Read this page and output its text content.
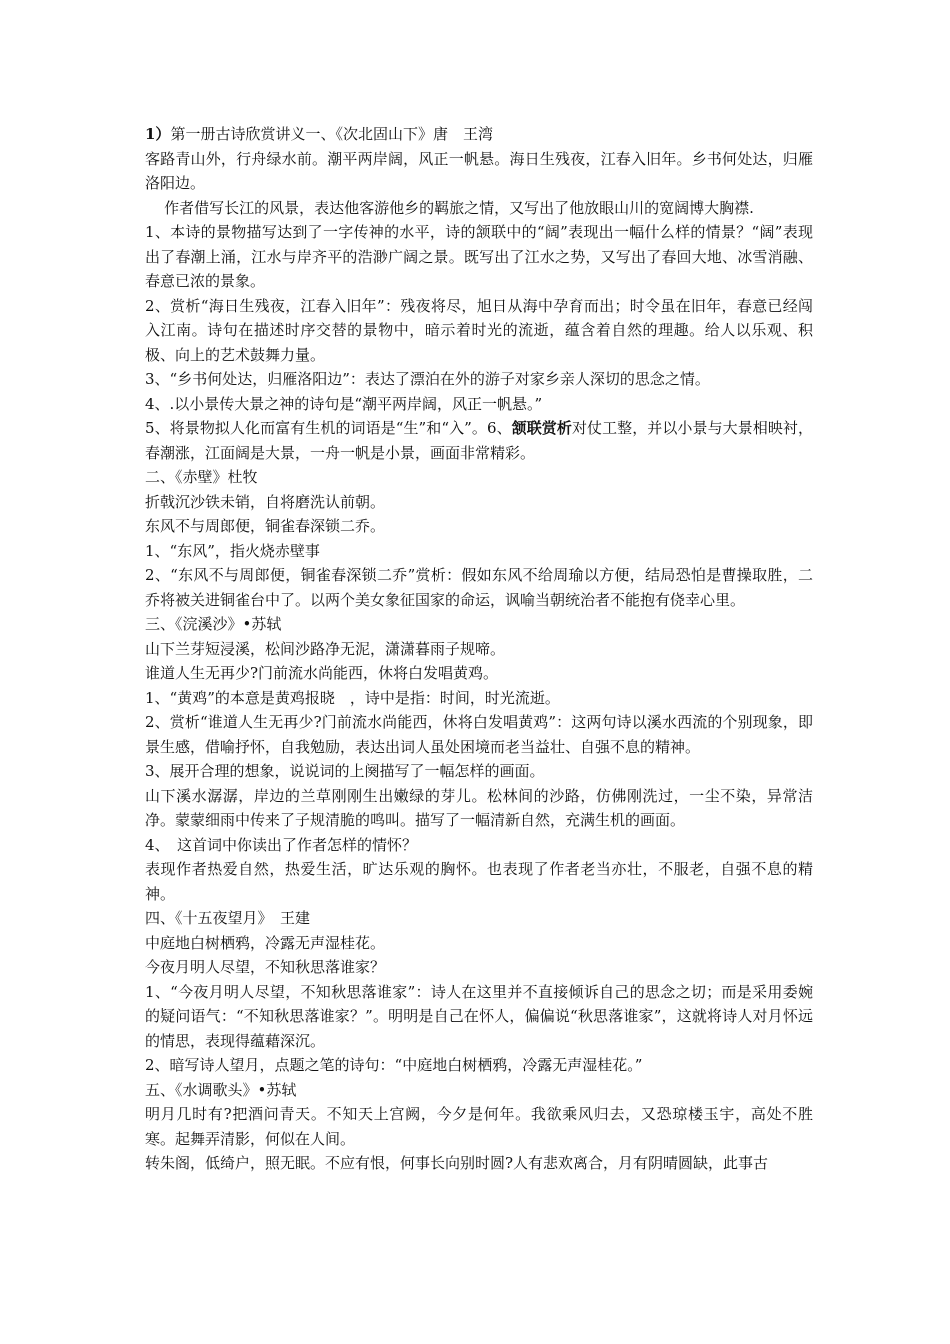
1）第一册古诗欣赏讲义一、《次北固山下》唐　王湾

客路青山外，行舟绿水前。潮平两岸阔，风正一帆悬。海日生残夜，江春入旧年。乡书何处达，归雁洛阳边。

作者借写长江的风景，表达他客游他乡的羁旅之情，又写出了他放眼山川的宽阔博大胸襟.

1、本诗的景物描写达到了一字传神的水平，诗的颔联中的“阔”表现出一幅什么样的情景？“阔”表现出了春潮上涌，江水与岸齐平的浩渺广阔之景。既写出了江水之势，又写出了春回大地、冰雪消融、春意已浓的景象。

2、赏析“海日生残夜，江春入旧年”：残夜将尽，旭日从海中孕育而出；时令虽在旧年，春意已经闯入江南。诗句在描述时序交替的景物中，暗示着时光的流逝，蕴含着自然的理趣。给人以乐观、积极、向上的艺术鼓舞力量。

3、“乡书何处达，归雁洛阳边”：表达了漂泊在外的游子对家乡亲人深切的思念之情。

4、.以小景传大景之神的诗句是“潮平两岸阔，风正一帆悬。”

5、将景物拟人化而富有生机的词语是“生”和“入”。6、颔联赏析对仗工整，并以小景与大景相映衬，春潮涨，江面阔是大景，一舟一帆是小景，画面非常精彩。

二、《赤壁》杜牧

折戟沉沙铁未销，自将磨洗认前朝。

东风不与周郎便，铜雀春深锁二乔。

1、“东风”，指火烧赤壁事

2、“东风不与周郎便，铜雀春深锁二乔”赏析：假如东风不给周瑜以方便，结局恐怕是曹操取胜，二乔将被关进铜雀台中了。以两个美女象征国家的命运，讽喻当朝统治者不能抱有侥幸心里。

三、《浣溪沙》•苏轼

山下兰芽短浸溪，松间沙路净无泥，潇潇暮雨子规啼。

谁道人生无再少?门前流水尚能西，休将白发唱黄鸡。

1、“黄鸡”的本意是黄鸡报晓　，诗中是指：时间，时光流逝。

2、赏析“谁道人生无再少?门前流水尚能西，休将白发唱黄鸡”：这两句诗以溪水西流的个别现象，即景生感，借喻抒怀，自我勉励，表达出词人虽处困境而老当益壮、自强不息的精神。

3、展开合理的想象，说说词的上阕描写了一幅怎样的画面。

山下溪水潺潺，岸边的兰草刚刚生出嫩绿的芽儿。松林间的沙路，仿佛刚洗过，一尘不染，异常洁净。蒙蒙细雨中传来了子规清脆的鸣叫。描写了一幅清新自然，充满生机的画面。

4、　这首词中你读出了作者怎样的情怀？

表现作者热爱自然，热爱生活，旷达乐观的胸怀。也表现了作者老当亦壮，不服老，自强不息的精神。

四、《十五夜望月》　王建

中庭地白树栖鸦，冷露无声湿桂花。

今夜月明人尽望，不知秋思落谁家？

1、“今夜月明人尽望，不知秋思落谁家”：诗人在这里并不直接倾诉自己的思念之切；而是采用委婉的疑问语气：“不知秋思落谁家？”。明明是自己在怀人，偏偏说“秋思落谁家”，这就将诗人对月怀远的情思，表现得蕴藉深沉。

2、暗写诗人望月，点题之笔的诗句：“中庭地白树栖鸦，冷露无声湿桂花。”

五、《水调歌头》•苏轼

明月几时有?把酒问青天。不知天上宫阙，今夕是何年。我欲乘风归去，又恐琼楼玉宇，高处不胜寒。起舞弄清影，何似在人间。

转朱阁，低绮户，照无眠。不应有恨，何事长向别时圆?人有悲欢离合，月有阴晴圆缺，此事古
